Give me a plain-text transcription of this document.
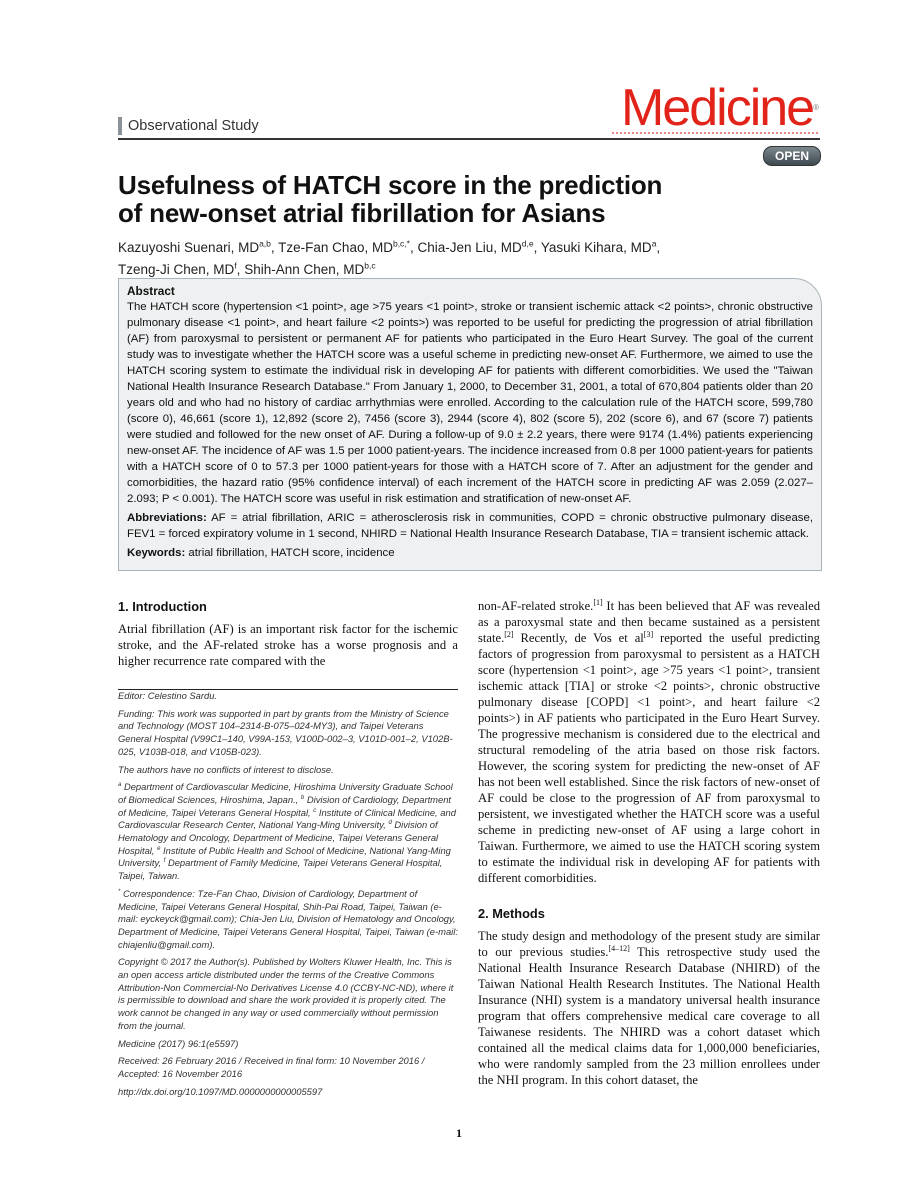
Observational Study	Medicine®
OPEN
Usefulness of HATCH score in the prediction
of new-onset atrial fibrillation for Asians
Kazuyoshi Suenari, MD$^{a,b}$, Tze-Fan Chao, $MD^{b,c,*}$, Chia-Jen Liu, MD$^{d,e}$, Yasuki Kihara, $MD^a$,
Tzeng-Ji Chen, $MD^f$, Shih-Ann Chen, MD$^{b,c}$
Abstract

The HATCH score (hypertension <1 point>, age >75 years <1 point>, stroke or transient ischemic attack <2 points>, chronic obstructive pulmonary disease <1 point>, and heart failure <2 points>) was reported to be useful for predicting the progression of atrial fibrillation (AF) from paroxysmal to persistent or permanent AF for patients who participated in the Euro Heart Survey. The goal of the current study was to investigate whether the HATCH score was a useful scheme in predicting new-onset AF. Furthermore, we aimed to use the HATCH scoring system to estimate the individual risk in developing AF for patients with different comorbidities. We used the "Taiwan National Health Insurance Research Database." From January 1, 2000, to December 31, 2001, a total of 670,804 patients older than 20 years old and who had no history of cardiac arrhythmias were enrolled. According to the calculation rule of the HATCH score, 599,780 (score 0), 46,661 (score 1), 12,892 (score 2), 7456 (score 3), 2944 (score 4), 802 (score 5), 202 (score 6), and 67 (score 7) patients were studied and followed for the new onset of AF. During a follow-up of 9.0 ± 2.2 years, there were 9174 (1.4%) patients experiencing new-onset AF. The incidence of AF was 1.5 per 1000 patient-years. The incidence increased from 0.8 per 1000 patient-years for patients with a HATCH score of 0 to 57.3 per 1000 patient-years for those with a HATCH score of 7. After an adjustment for the gender and comorbidities, the hazard ratio (95% confidence interval) of each increment of the HATCH score in predicting AF was 2.059 (2.027–2.093; P < 0.001). The HATCH score was useful in risk estimation and stratification of new-onset AF.

Abbreviations: AF = atrial fibrillation, ARIC = atherosclerosis risk in communities, COPD = chronic obstructive pulmonary disease, FEV1 = forced expiratory volume in 1 second, NHIRD = National Health Insurance Research Database, TIA = transient ischemic attack.

Keywords: atrial fibrillation, HATCH score, incidence

1. Introduction

Atrial fibrillation (AF) is an important risk factor for the ischemic stroke, and the AF-related stroke has a worse prognosis and a higher recurrence rate compared with the

Editor: Celestino Sardu.

Funding: This work was supported in part by grants from the Ministry of Science and Technology (MOST 104–2314-B-075–024-MY3), and Taipei Veterans General Hospital (V99C1–140, V99A-153, V100D-002–3, V101D-001–2, V102B-025, V103B-018, and V105B-023).

The authors have no conflicts of interest to disclose.

$^a$ Department of Cardiovascular Medicine, Hiroshima University Graduate School of Biomedical Sciences, Hiroshima, Japan., $^b$ Division of Cardiology, Department of Medicine, Taipei Veterans General Hospital, $^c$ Institute of Clinical Medicine, and Cardiovascular Research Center, National Yang-Ming University, $^d$ Division of Hematology and Oncology, Department of Medicine, Taipei Veterans General Hospital, $^e$ Institute of Public Health and School of Medicine, National Yang-Ming University, $^f$ Department of Family Medicine, Taipei Veterans General Hospital, Taipei, Taiwan.

* Correspondence: Tze-Fan Chao, Division of Cardiology, Department of Medicine, Taipei Veterans General Hospital, Shih-Pai Road, Taipei, Taiwan (e-mail: eyckeyck@gmail.com); Chia-Jen Liu, Division of Hematology and Oncology, Department of Medicine, Taipei Veterans General Hospital, Taipei, Taiwan (e-mail: chiajenliu@gmail.com).

Copyright © 2017 the Author(s). Published by Wolters Kluwer Health, Inc. This is an open access article distributed under the terms of the Creative Commons Attribution-Non Commercial-No Derivatives License 4.0 (CCBY-NC-ND), where it is permissible to download and share the work provided it is properly cited. The work cannot be changed in any way or used commercially without permission from the journal.

Medicine (2017) 96:1(e5597)

Received: 26 February 2016 / Received in final form: 10 November 2016 / Accepted: 16 November 2016

http://dx.doi.org/10.1097/MD.0000000000005597

non-AF-related stroke.[1] It has been believed that AF was revealed as a paroxysmal state and then became sustained as a persistent state.[2] Recently, de Vos et al[3] reported the useful predicting factors of progression from paroxysmal to persistent as a HATCH score (hypertension <1 point>, age >75 years <1 point>, transient ischemic attack [TIA] or stroke <2 points>, chronic obstructive pulmonary disease [COPD] <1 point>, and heart failure <2 points>) in AF patients who participated in the Euro Heart Survey. The progressive mechanism is considered due to the electrical and structural remodeling of the atria based on those risk factors. However, the scoring system for predicting the new-onset of AF has not been well established. Since the risk factors of new-onset of AF could be close to the progression of AF from paroxysmal to persistent, we investigated whether the HATCH score was a useful scheme in predicting new-onset of AF using a large cohort in Taiwan. Furthermore, we aimed to use the HATCH scoring system to estimate the individual risk in developing AF for patients with different comorbidities.

2. Methods

The study design and methodology of the present study are similar to our previous studies.[4–12] This retrospective study used the National Health Insurance Research Database (NHIRD) of the Taiwan National Health Research Institutes. The National Health Insurance (NHI) system is a mandatory universal health insurance program that offers comprehensive medical care coverage to all Taiwanese residents. The NHIRD was a cohort dataset which contained all the medical claims data for 1,000,000 beneficiaries, who were randomly sampled from the 23 million enrollees under the NHI program. In this cohort dataset, the

1
